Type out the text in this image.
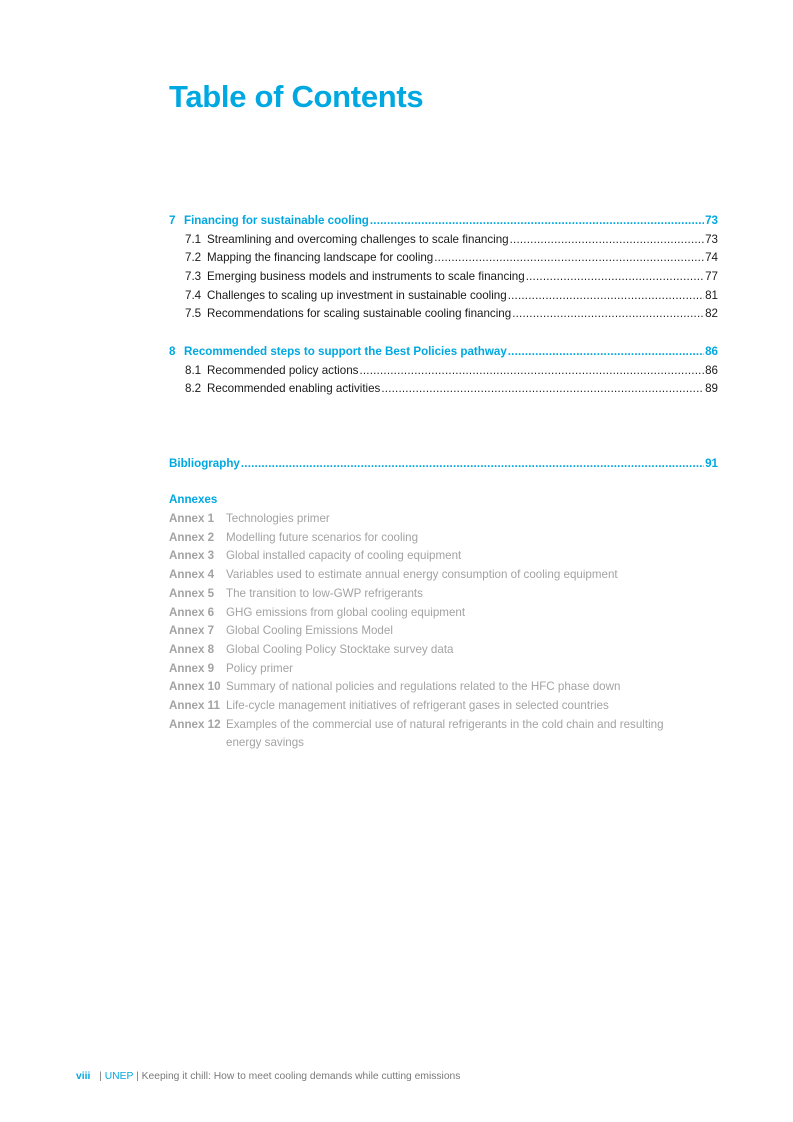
Table of Contents
7 Financing for sustainable cooling .....	73
7.1 Streamlining and overcoming challenges to scale financing .....	73
7.2 Mapping the financing landscape for cooling .....	74
7.3 Emerging business models and instruments to scale financing .....	77
7.4 Challenges to scaling up investment in sustainable cooling .....	81
7.5 Recommendations for scaling sustainable cooling financing .....	82
8 Recommended steps to support the Best Policies pathway .....	86
8.1 Recommended policy actions .....	86
8.2 Recommended enabling activities .....	89
Bibliography .....	91
Annexes
Annex 1	Technologies primer
Annex 2	Modelling future scenarios for cooling
Annex 3	Global installed capacity of cooling equipment
Annex 4	Variables used to estimate annual energy consumption of cooling equipment
Annex 5	The transition to low-GWP refrigerants
Annex 6	GHG emissions from global cooling equipment
Annex 7	Global Cooling Emissions Model
Annex 8	Global Cooling Policy Stocktake survey data
Annex 9	Policy primer
Annex 10 Summary of national policies and regulations related to the HFC phase down
Annex 11 Life-cycle management initiatives of refrigerant gases in selected countries
Annex 12 Examples of the commercial use of natural refrigerants in the cold chain and resulting energy savings
viii | UNEP | Keeping it chill: How to meet cooling demands while cutting emissions
